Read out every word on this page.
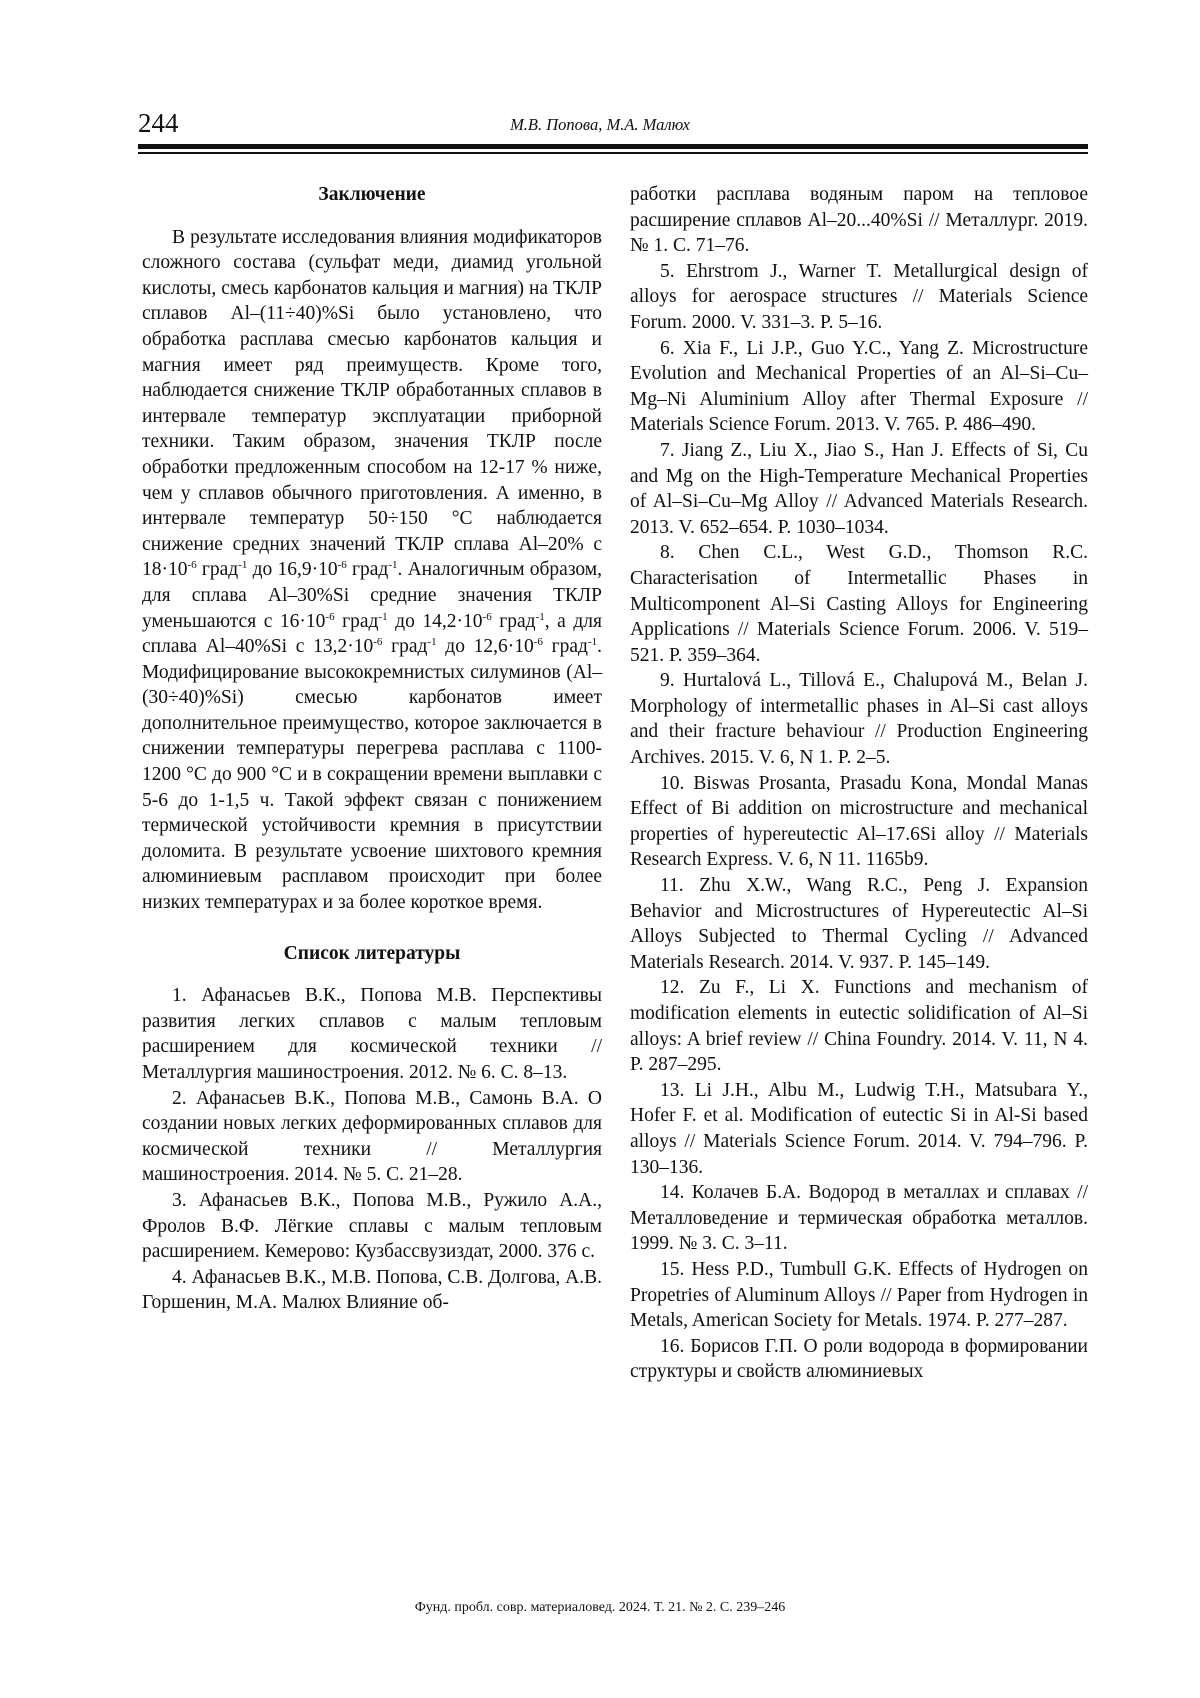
244	М.В. Попова, М.А. Малюх
Заключение

В результате исследования влияния модификаторов сложного состава (сульфат меди, диамид угольной кислоты, смесь карбонатов кальция и магния) на ТКЛР сплавов Al–(11÷40)%Si было установлено, что обработка расплава смесью карбонатов кальция и магния имеет ряд преимуществ. Кроме того, наблюдается снижение ТКЛР обработанных сплавов в интервале температур эксплуатации приборной техники. Таким образом, значения ТКЛР после обработки предложенным способом на 12-17 % ниже, чем у сплавов обычного приготовления. А именно, в интервале температур 50÷150 °С наблюдается снижение средних значений ТКЛР сплава Al–20% с $18\cdot 10^{-6}$ град$^{-1}$ до $16,9\cdot 10^{-6}$ град$^{-1}$. Аналогичным образом, для сплава Al–30%Si средние значения ТКЛР уменьшаются с $16\cdot 10^{-6}$ град$^{-1}$ до $14,2\cdot 10^{-6}$ град$^{-1}$, а для сплава Al–40%Si с $13,2\cdot 10^{-6}$ град$^{-1}$ до $12,6\cdot 10^{-6}$ град$^{-1}$. Модифицирование высококремнистых силуминов (Al–(30÷40)%Si) смесью карбонатов имеет дополнительное преимущество, которое заключается в снижении температуры перегрева расплава с 1100-1200 °С до 900 °С и в сокращении времени выплавки с 5-6 до 1-1,5 ч. Такой эффект связан с понижением термической устойчивости кремния в присутствии доломита. В результате усвоение шихтового кремния алюминиевым расплавом происходит при более низких температурах и за более короткое время.

Список литературы

1. Афанасьев В.К., Попова М.В. Перспективы развития легких сплавов с малым тепловым расширением для космической техники // Металлургия машиностроения. 2012. № 6. С. 8–13.

2. Афанасьев В.К., Попова М.В., Самонь В.А. О создании новых легких деформированных сплавов для космической техники // Металлургия машиностроения. 2014. № 5. С. 21–28.

3. Афанасьев В.К., Попова М.В., Ружило А.А., Фролов В.Ф. Лёгкие сплавы с малым тепловым расширением. Кемерово: Кузбассвузиздат, 2000. 376 с.

4. Афанасьев В.К., М.В. Попова, С.В. Долгова, А.В. Горшенин, М.А. Малюх Влияние об-

работки расплава водяным паром на тепловое расширение сплавов Al–20...40%Si // Металлург. 2019. № 1. С. 71–76.

5. Ehrstrom J., Warner T. Metallurgical design of alloys for aerospace structures // Materials Science Forum. 2000. V. 331–3. P. 5–16.

6. Xia F., Li J.P., Guo Y.C., Yang Z. Microstructure Evolution and Mechanical Properties of an Al–Si–Cu–Mg–Ni Aluminium Alloy after Thermal Exposure // Materials Science Forum. 2013. V. 765. P. 486–490.

7. Jiang Z., Liu X., Jiao S., Han J. Effects of Si, Cu and Mg on the High-Temperature Mechanical Properties of Al–Si–Cu–Mg Alloy // Advanced Materials Research. 2013. V. 652–654. P. 1030–1034.

8. Chen C.L., West G.D., Thomson R.C. Characterisation of Intermetallic Phases in Multicomponent Al–Si Casting Alloys for Engineering Applications // Materials Science Forum. 2006. V. 519–521. P. 359–364.

9. Hurtalová L., Tillová E., Chalupová M., Belan J. Morphology of intermetallic phases in Al–Si cast alloys and their fracture behaviour // Production Engineering Archives. 2015. V. 6, N 1. P. 2–5.

10. Biswas Prosanta, Prasadu Kona, Mondal Manas Effect of Bi addition on microstructure and mechanical properties of hypereutectic Al–17.6Si alloy // Materials Research Express. V. 6, N 11. 1165b9.

11. Zhu X.W., Wang R.C., Peng J. Expansion Behavior and Microstructures of Hypereutectic Al–Si Alloys Subjected to Thermal Cycling // Advanced Materials Research. 2014. V. 937. P. 145–149.

12. Zu F., Li X. Functions and mechanism of modification elements in eutectic solidification of Al–Si alloys: A brief review // China Foundry. 2014. V. 11, N 4. P. 287–295.

13. Li J.H., Albu M., Ludwig T.H., Matsubara Y., Hofer F. et al. Modification of eutectic Si in Al-Si based alloys // Materials Science Forum. 2014. V. 794–796. P. 130–136.

14. Колачев Б.А. Водород в металлах и сплавах // Металловедение и термическая обработка металлов. 1999. № 3. С. 3–11.

15. Hess P.D., Tumbull G.K. Effects of Hydrogen on Propetries of Aluminum Alloys // Paper from Hydrogen in Metals, American Society for Metals. 1974. P. 277–287.

16. Борисов Г.П. О роли водорода в формировании структуры и свойств алюминиевых

Фунд. пробл. совр. материаловед. 2024. Т. 21. № 2. С. 239–246
